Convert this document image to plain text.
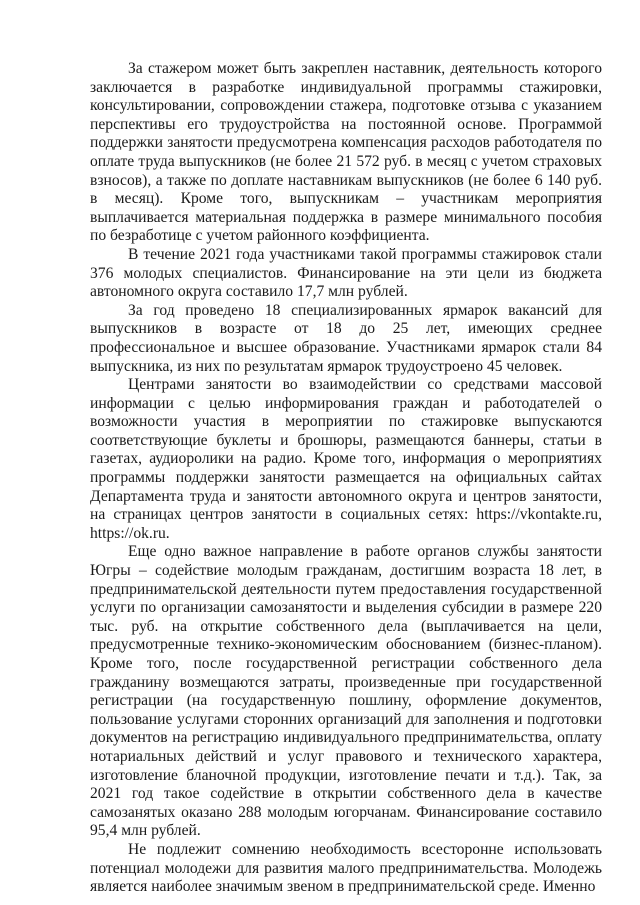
За стажером может быть закреплен наставник, деятельность которого заключается в разработке индивидуальной программы стажировки, консультировании, сопровождении стажера, подготовке отзыва с указанием перспективы его трудоустройства на постоянной основе. Программой поддержки занятости предусмотрена компенсация расходов работодателя по оплате труда выпускников (не более 21 572 руб. в месяц с учетом страховых взносов), а также по доплате наставникам выпускников (не более 6 140 руб. в месяц). Кроме того, выпускникам – участникам мероприятия выплачивается материальная поддержка в размере минимального пособия по безработице с учетом районного коэффициента.

В течение 2021 года участниками такой программы стажировок стали 376 молодых специалистов. Финансирование на эти цели из бюджета автономного округа составило 17,7 млн рублей.

За год проведено 18 специализированных ярмарок вакансий для выпускников в возрасте от 18 до 25 лет, имеющих среднее профессиональное и высшее образование. Участниками ярмарок стали 84 выпускника, из них по результатам ярмарок трудоустроено 45 человек.

Центрами занятости во взаимодействии со средствами массовой информации с целью информирования граждан и работодателей о возможности участия в мероприятии по стажировке выпускаются соответствующие буклеты и брошюры, размещаются баннеры, статьи в газетах, аудиоролики на радио. Кроме того, информация о мероприятиях программы поддержки занятости размещается на официальных сайтах Департамента труда и занятости автономного округа и центров занятости, на страницах центров занятости в социальных сетях: https://vkontakte.ru, https://ok.ru.

Еще одно важное направление в работе органов службы занятости Югры – содействие молодым гражданам, достигшим возраста 18 лет, в предпринимательской деятельности путем предоставления государственной услуги по организации самозанятости и выделения субсидии в размере 220 тыс. руб. на открытие собственного дела (выплачивается на цели, предусмотренные технико-экономическим обоснованием (бизнес-планом). Кроме того, после государственной регистрации собственного дела гражданину возмещаются затраты, произведенные при государственной регистрации (на государственную пошлину, оформление документов, пользование услугами сторонних организаций для заполнения и подготовки документов на регистрацию индивидуального предпринимательства, оплату нотариальных действий и услуг правового и технического характера, изготовление бланочной продукции, изготовление печати и т.д.). Так, за 2021 год такое содействие в открытии собственного дела в качестве самозанятых оказано 288 молодым югорчанам. Финансирование составило 95,4 млн рублей.

Не подлежит сомнению необходимость всесторонне использовать потенциал молодежи для развития малого предпринимательства. Молодежь является наиболее значимым звеном в предпринимательской среде. Именно
